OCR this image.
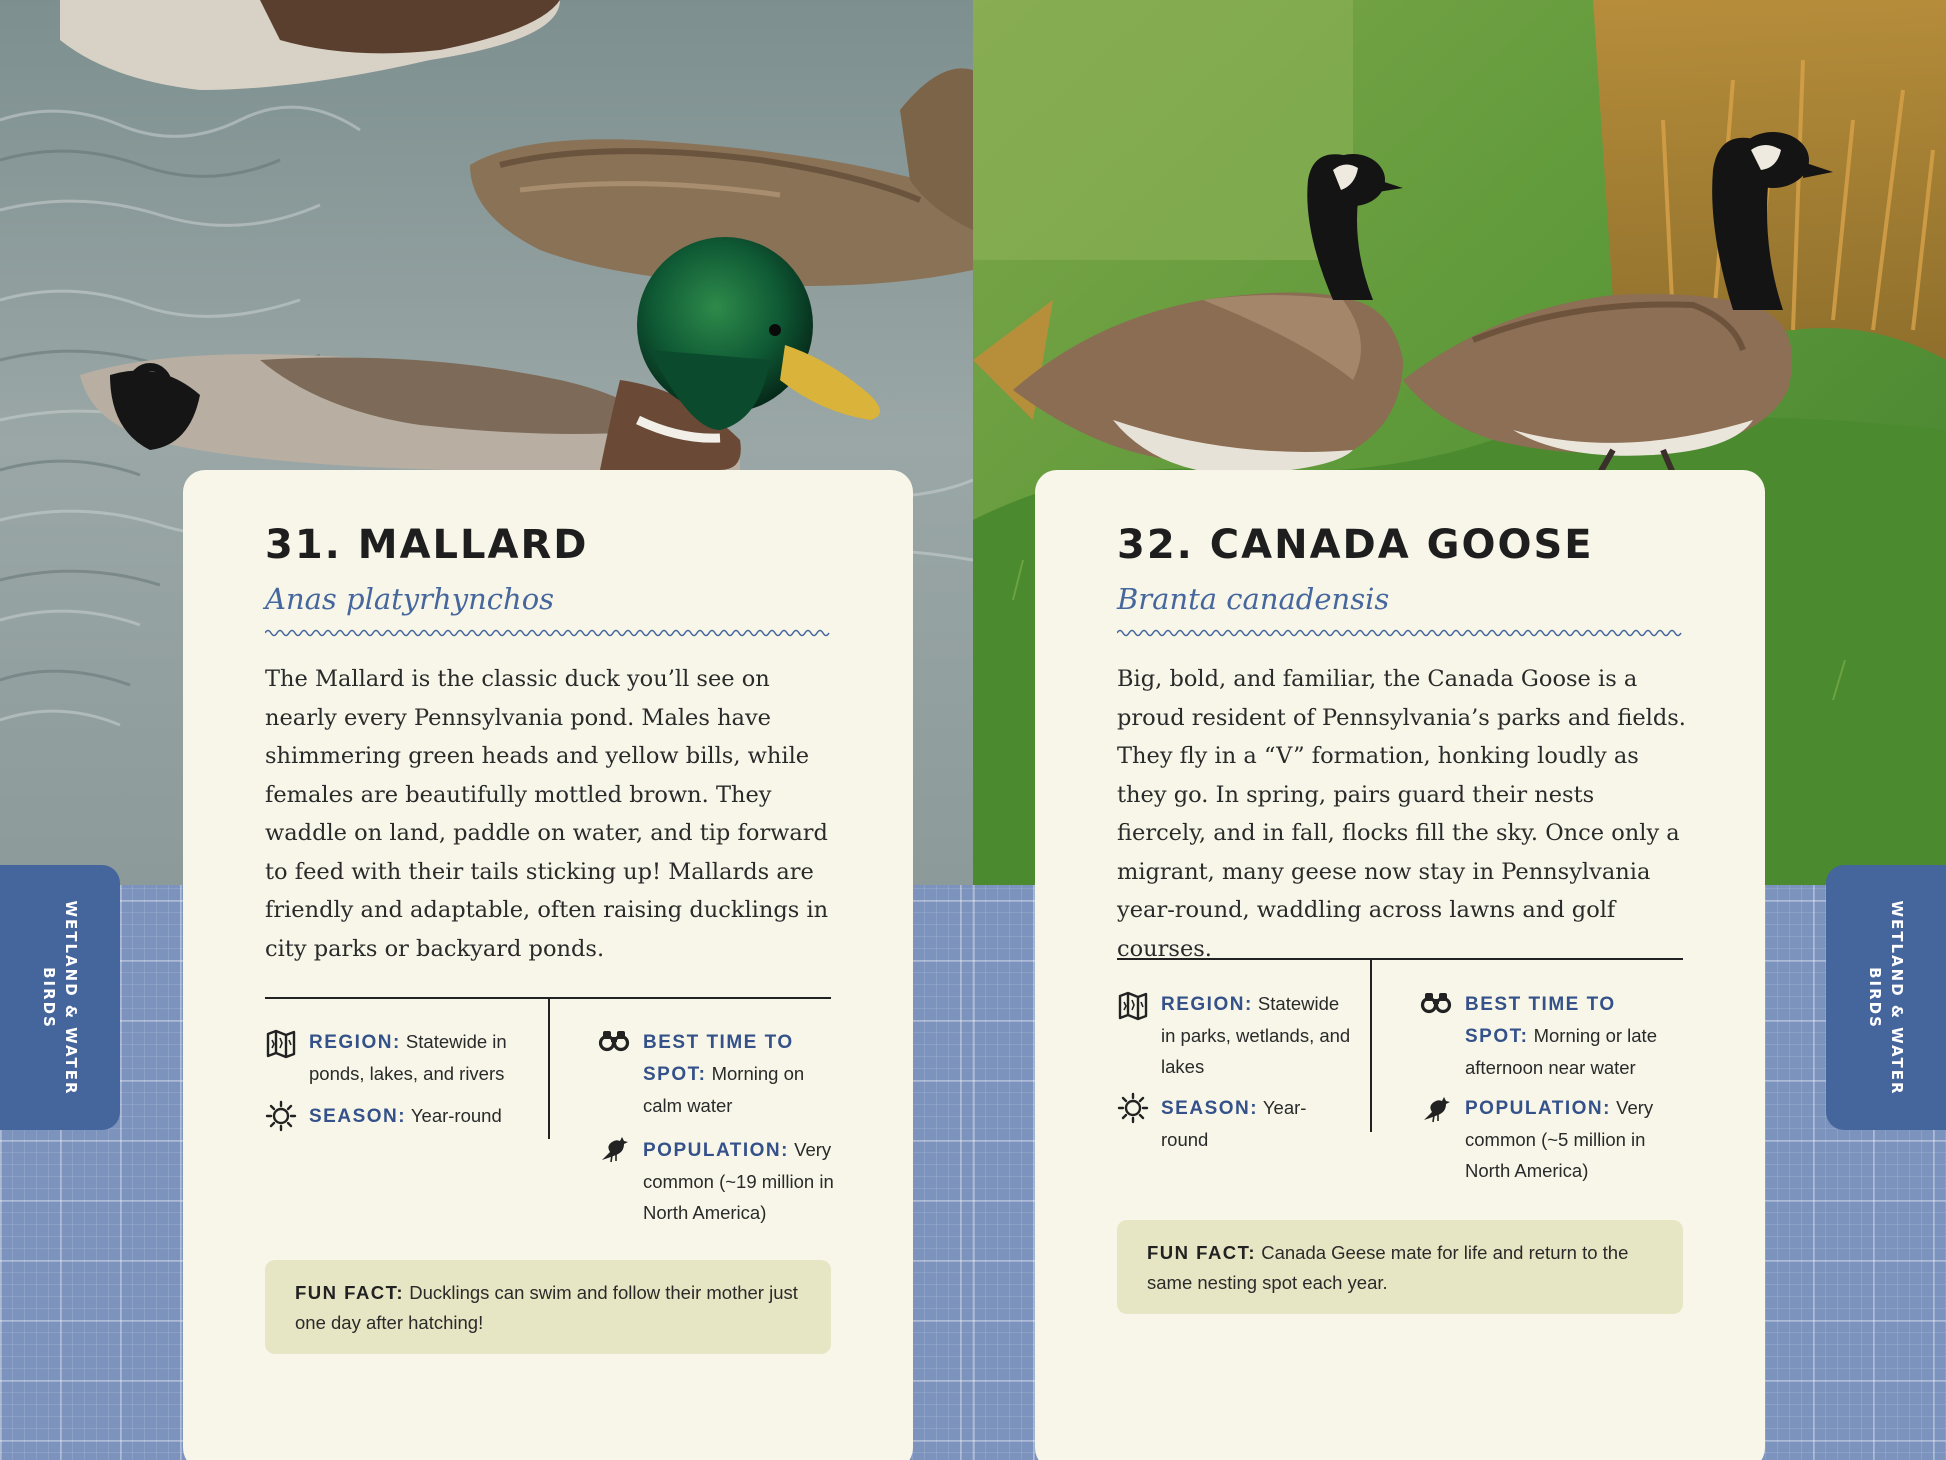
WETLAND & WATER BIRDS
31. MALLARD
Anas platyrhynchos
The Mallard is the classic duck you’ll see on nearly every Pennsylvania pond. Males have shimmering green heads and yellow bills, while females are beautifully mottled brown. They waddle on land, paddle on water, and tip forward to feed with their tails sticking up! Mallards are friendly and adaptable, often raising ducklings in city parks or backyard ponds.
REGION: Statewide in ponds, lakes, and rivers
SEASON: Year-round
BEST TIME TO SPOT: Morning on calm water
POPULATION: Very common (~19 million in North America)
FUN FACT: Ducklings can swim and follow their mother just one day after hatching!
WETLAND & WATER BIRDS
32. CANADA GOOSE
Branta canadensis
Big, bold, and familiar, the Canada Goose is a proud resident of Pennsylvania’s parks and fields. They fly in a “V” formation, honking loudly as they go. In spring, pairs guard their nests fiercely, and in fall, flocks fill the sky. Once only a migrant, many geese now stay in Pennsylvania year-round, waddling across lawns and golf courses.
REGION: Statewide in parks, wetlands, and lakes
SEASON: Year-round
BEST TIME TO SPOT: Morning or late afternoon near water
POPULATION: Very common (~5 million in North America)
FUN FACT: Canada Geese mate for life and return to the same nesting spot each year.
